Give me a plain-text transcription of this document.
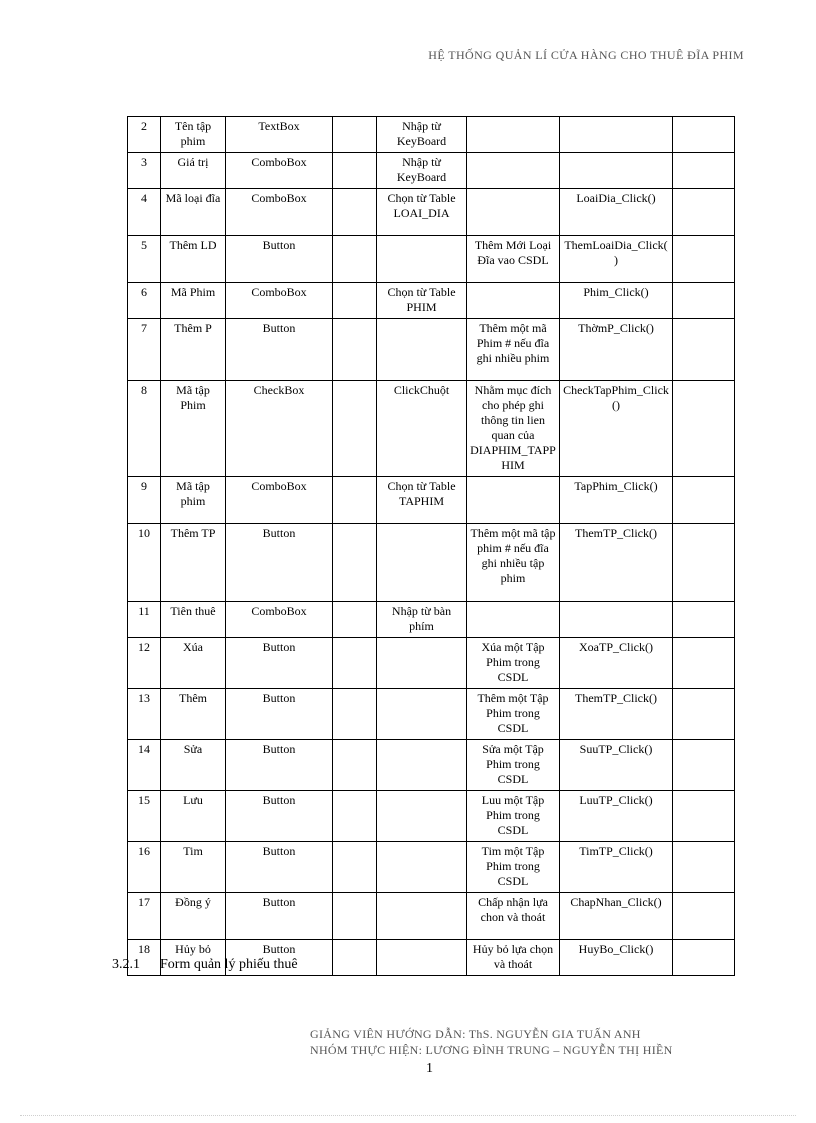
HỆ THỐNG QUẢN LÍ CỬA HÀNG CHO THUÊ ĐĨA PHIM
2	Tên tập phim	TextBox		Nhập từ KeyBoard			
3	Giá trị	ComboBox		Nhập từ KeyBoard			
4	Mã loại đĩa	ComboBox		Chọn từ Table LOAI_DIA		LoaiDia_Click()	
5	Thêm LD	Button			Thêm Mới Loại Đĩa vao CSDL	ThemLoaiDia_Click()	
6	Mã Phim	ComboBox		Chọn từ Table PHIM		Phim_Click()	
7	Thêm P	Button			Thêm một mã Phim # nếu đĩa ghi nhiều phim	ThờmP_Click()	
8	Mã tập Phim	CheckBox		ClickChuột	Nhằm mục đích cho phép ghi thông tin lien quan của DIAPHIM_TAPPHIM	CheckTapPhim_Click()	
9	Mã tập phim	ComboBox		Chọn từ Table TAPHIM		TapPhim_Click()	
10	Thêm TP	Button			Thêm một mã tập phim # nếu đĩa ghi nhiều tập phim	ThemTP_Click()	
11	Tiên thuê	ComboBox		Nhập từ bàn phím			
12	Xúa	Button			Xúa một Tập Phim trong CSDL	XoaTP_Click()	
13	Thêm	Button			Thêm một Tập Phim trong CSDL	ThemTP_Click()	
14	Sửa	Button			Sửa một Tập Phim trong CSDL	SuuTP_Click()	
15	Lưu	Button			Luu một Tập Phim trong CSDL	LuuTP_Click()	
16	Tim	Button			Tim một Tập Phim trong CSDL	TimTP_Click()	
17	Đồng ý	Button			Chấp nhận lựa chon và thoát	ChapNhan_Click()	
18	Hủy bỏ	Button			Hủy bỏ lựa chọn và thoát	HuyBo_Click()	
3.2.1 Form quản lý phiếu thuê
GIẢNG VIÊN HƯỚNG DẪN: ThS. NGUYỄN GIA TUẤN ANH
NHÓM THỰC HIỆN: LƯƠNG ĐÌNH TRUNG – NGUYỄN THỊ HIỀN
1
